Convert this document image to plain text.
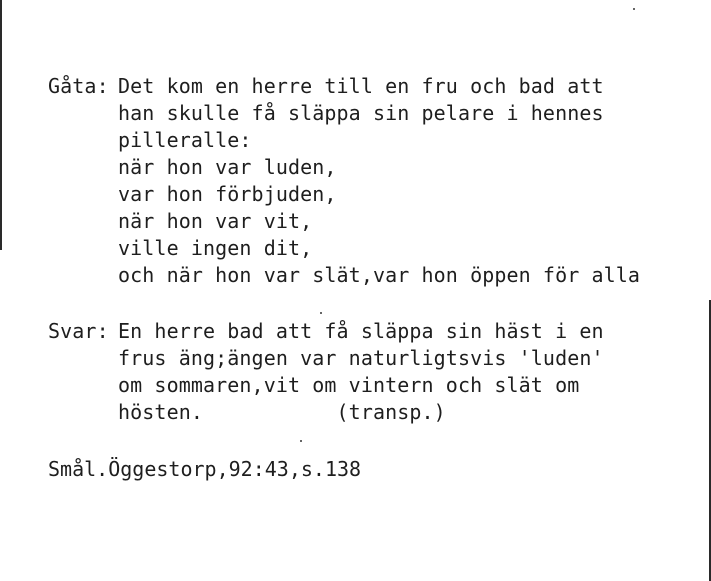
Gåta: Det kom en herre till en fru och bad att
han skulle få släppa sin pelare i hennes
pilleralle:
när hon var luden,
var hon förbjuden,
när hon var vit,
ville ingen dit,
och när hon var slät,var hon öppen för alla
Svar: En herre bad att få släppa sin häst i en
frus äng;ängen var naturligtsvis 'luden'
om sommaren,vit om vintern och slät om
hösten.           (transp.)
Smål.Öggestorp,92:43,s.138
